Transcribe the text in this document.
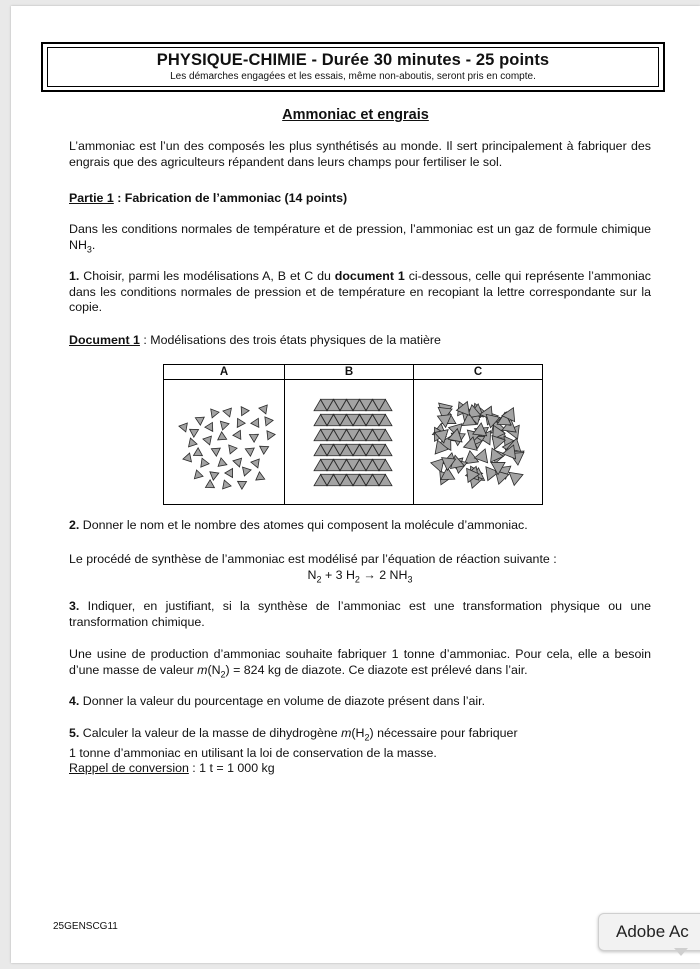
PHYSIQUE-CHIMIE - Durée 30 minutes - 25 points
Les démarches engagées et les essais, même non-aboutis, seront pris en compte.
Ammoniac et engrais
L’ammoniac est l’un des composés les plus synthétisés au monde. Il sert principalement à fabriquer des engrais que des agriculteurs répandent dans leurs champs pour fertiliser le sol.
Partie 1 : Fabrication de l’ammoniac (14 points)
Dans les conditions normales de température et de pression, l’ammoniac est un gaz de formule chimique $NH_3$.
1. Choisir, parmi les modélisations A, B et C du document 1 ci-dessous, celle qui représente l’ammoniac dans les conditions normales de pression et de température en recopiant la lettre correspondante sur la copie.
Document 1 : Modélisations des trois états physiques de la matière
A	B	C
2. Donner le nom et le nombre des atomes qui composent la molécule d’ammoniac.
Le procédé de synthèse de l’ammoniac est modélisé par l’équation de réaction suivante :
$N_2 + 3$ $H_2 \to 2$ $NH_3$
3. Indiquer, en justifiant, si la synthèse de l’ammoniac est une transformation physique ou une transformation chimique.
Une usine de production d’ammoniac souhaite fabriquer 1 tonne d’ammoniac. Pour cela, elle a besoin d’une masse de valeur $m(N_2) = 824$ kg de diazote. Ce diazote est prélevé dans l’air.
4. Donner la valeur du pourcentage en volume de diazote présent dans l’air.
5. Calculer la valeur de la masse de dihydrogène $m(H_2)$ nécessaire pour fabriquer
1 tonne d’ammoniac en utilisant la loi de conservation de la masse.
Rappel de conversion : 1 t = 1 000 kg
25GENSCG11	Adobe Ac
